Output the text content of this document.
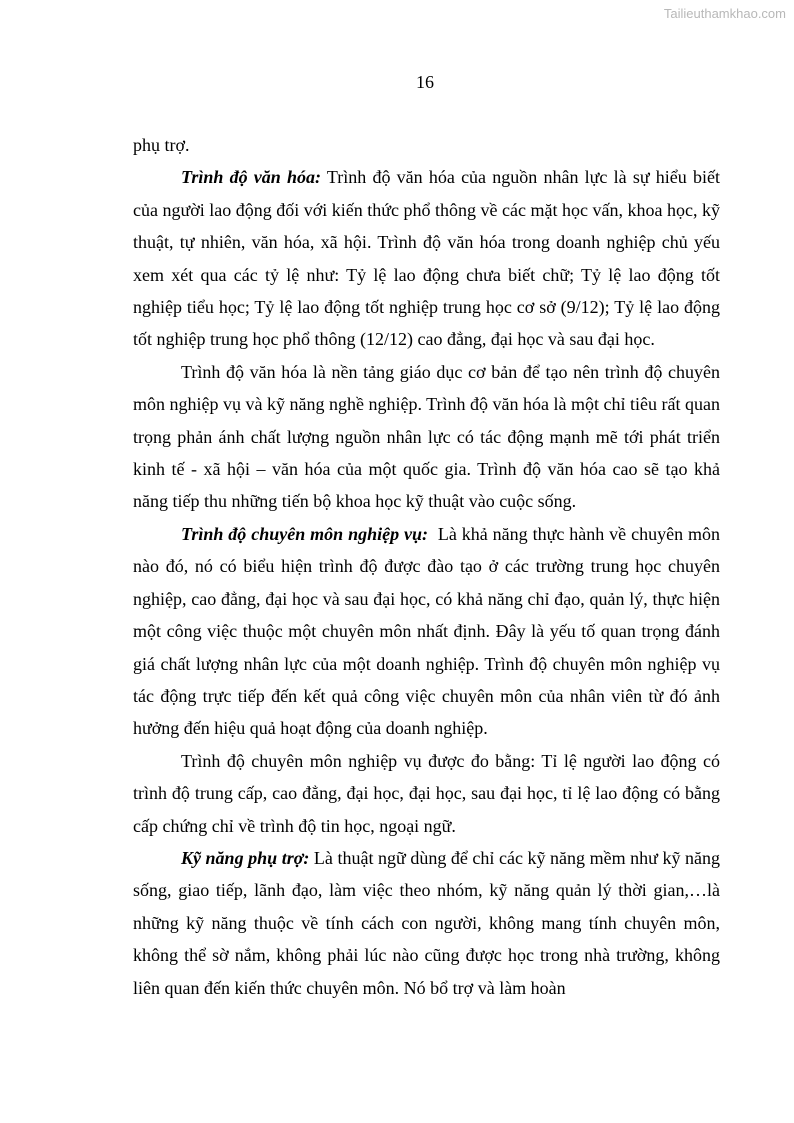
Tailieuthamkhao.com
16

phụ trợ.

Trình độ văn hóa: Trình độ văn hóa của nguồn nhân lực là sự hiểu biết của người lao động đối với kiến thức phổ thông về các mặt học vấn, khoa học, kỹ thuật, tự nhiên, văn hóa, xã hội. Trình độ văn hóa trong doanh nghiệp chủ yếu xem xét qua các tỷ lệ như: Tỷ lệ lao động chưa biết chữ; Tỷ lệ lao động tốt nghiệp tiểu học; Tỷ lệ lao động tốt nghiệp trung học cơ sở (9/12); Tỷ lệ lao động tốt nghiệp trung học phổ thông (12/12) cao đẳng, đại học và sau đại học.

Trình độ văn hóa là nền tảng giáo dục cơ bản để tạo nên trình độ chuyên môn nghiệp vụ và kỹ năng nghề nghiệp. Trình độ văn hóa là một chỉ tiêu rất quan trọng phản ánh chất lượng nguồn nhân lực có tác động mạnh mẽ tới phát triển kinh tế - xã hội – văn hóa của một quốc gia. Trình độ văn hóa cao sẽ tạo khả năng tiếp thu những tiến bộ khoa học kỹ thuật vào cuộc sống.

Trình độ chuyên môn nghiệp vụ:  Là khả năng thực hành về chuyên môn nào đó, nó có biểu hiện trình độ được đào tạo ở các trường trung học chuyên nghiệp, cao đẳng, đại học và sau đại học, có khả năng chỉ đạo, quản lý, thực hiện một công việc thuộc một chuyên môn nhất định. Đây là yếu tố quan trọng đánh giá chất lượng nhân lực của một doanh nghiệp. Trình độ chuyên môn nghiệp vụ tác động trực tiếp đến kết quả công việc chuyên môn của nhân viên từ đó ảnh hưởng đến hiệu quả hoạt động của doanh nghiệp.

Trình độ chuyên môn nghiệp vụ được đo bằng: Tỉ lệ người lao động có trình độ trung cấp, cao đẳng, đại học, đại học, sau đại học, tỉ lệ lao động có bằng cấp chứng chỉ về trình độ tin học, ngoại ngữ.

Kỹ năng phụ trợ: Là thuật ngữ dùng để chỉ các kỹ năng mềm như kỹ năng sống, giao tiếp, lãnh đạo, làm việc theo nhóm, kỹ năng quản lý thời gian,…là những kỹ năng thuộc về tính cách con người, không mang tính chuyên môn, không thể sờ nắm, không phải lúc nào cũng được học trong nhà trường, không liên quan đến kiến thức chuyên môn. Nó bổ trợ và làm hoàn
